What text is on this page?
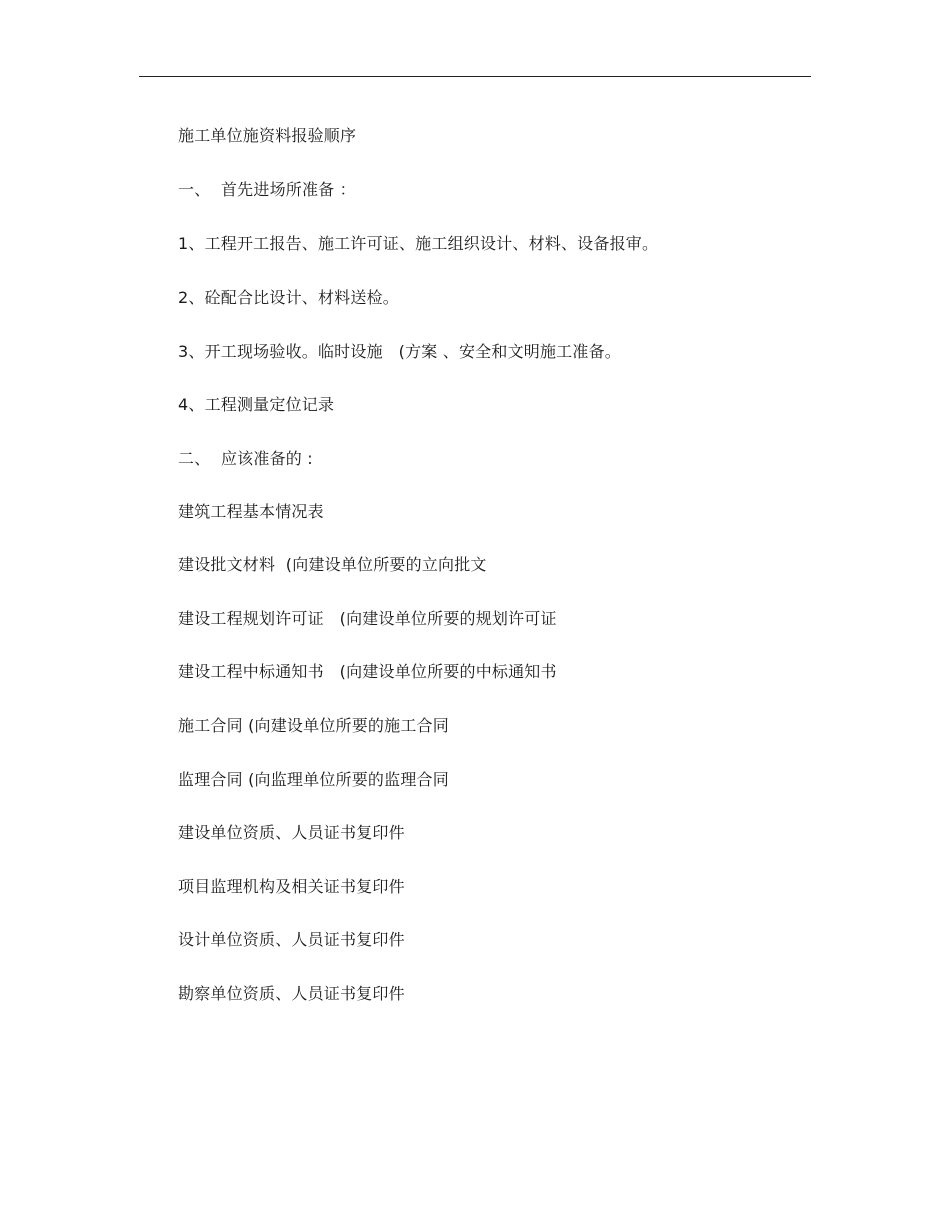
施工单位施资料报验顺序
一、  首先进场所准备 ：
1、工程开工报告、施工许可证、施工组织设计、材料、设备报审。
2、砼配合比设计、材料送检。
3、开工现场验收。临时设施   (方案 、安全和文明施工准备。
4、工程测量定位记录
二、  应该准备的 :
建筑工程基本情况表
建设批文材料  (向建设单位所要的立向批文
建设工程规划许可证   (向建设单位所要的规划许可证
建设工程中标通知书   (向建设单位所要的中标通知书
施工合同 (向建设单位所要的施工合同
监理合同 (向监理单位所要的监理合同
建设单位资质、人员证书复印件
项目监理机构及相关证书复印件
设计单位资质、人员证书复印件
勘察单位资质、人员证书复印件
